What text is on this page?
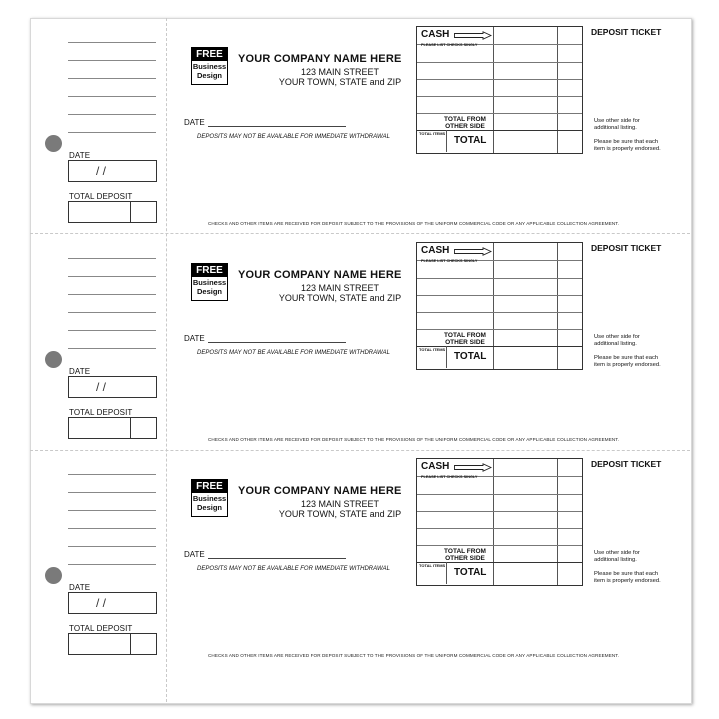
DATE
/ /
TOTAL DEPOSIT
FREE
Business
Design
YOUR COMPANY NAME HERE
123 MAIN STREET
YOUR TOWN, STATE and ZIP
DATE
DEPOSITS MAY NOT BE AVAILABLE FOR IMMEDIATE WITHDRAWAL
CASH
PLEASE LIST CHECKS SINGLY
TOTAL FROM
OTHER SIDE
TOTAL ITEMS
TOTAL
DEPOSIT TICKET
Use other side for
additional listing.
Please be sure that each
item is properly endorsed.
CHECKS AND OTHER ITEMS ARE RECEIVED FOR DEPOSIT SUBJECT TO THE PROVISIONS OF THE UNIFORM COMMERCIAL CODE OR ANY APPLICABLE COLLECTION AGREEMENT.
DATE
/ /
TOTAL DEPOSIT
FREE
Business
Design
YOUR COMPANY NAME HERE
123 MAIN STREET
YOUR TOWN, STATE and ZIP
DATE
DEPOSITS MAY NOT BE AVAILABLE FOR IMMEDIATE WITHDRAWAL
CASH
PLEASE LIST CHECKS SINGLY
TOTAL FROM
OTHER SIDE
TOTAL ITEMS
TOTAL
DEPOSIT TICKET
Use other side for
additional listing.
Please be sure that each
item is properly endorsed.
CHECKS AND OTHER ITEMS ARE RECEIVED FOR DEPOSIT SUBJECT TO THE PROVISIONS OF THE UNIFORM COMMERCIAL CODE OR ANY APPLICABLE COLLECTION AGREEMENT.
DATE
/ /
TOTAL DEPOSIT
FREE
Business
Design
YOUR COMPANY NAME HERE
123 MAIN STREET
YOUR TOWN, STATE and ZIP
DATE
DEPOSITS MAY NOT BE AVAILABLE FOR IMMEDIATE WITHDRAWAL
CASH
PLEASE LIST CHECKS SINGLY
TOTAL FROM
OTHER SIDE
TOTAL ITEMS
TOTAL
DEPOSIT TICKET
Use other side for
additional listing.
Please be sure that each
item is properly endorsed.
CHECKS AND OTHER ITEMS ARE RECEIVED FOR DEPOSIT SUBJECT TO THE PROVISIONS OF THE UNIFORM COMMERCIAL CODE OR ANY APPLICABLE COLLECTION AGREEMENT.
